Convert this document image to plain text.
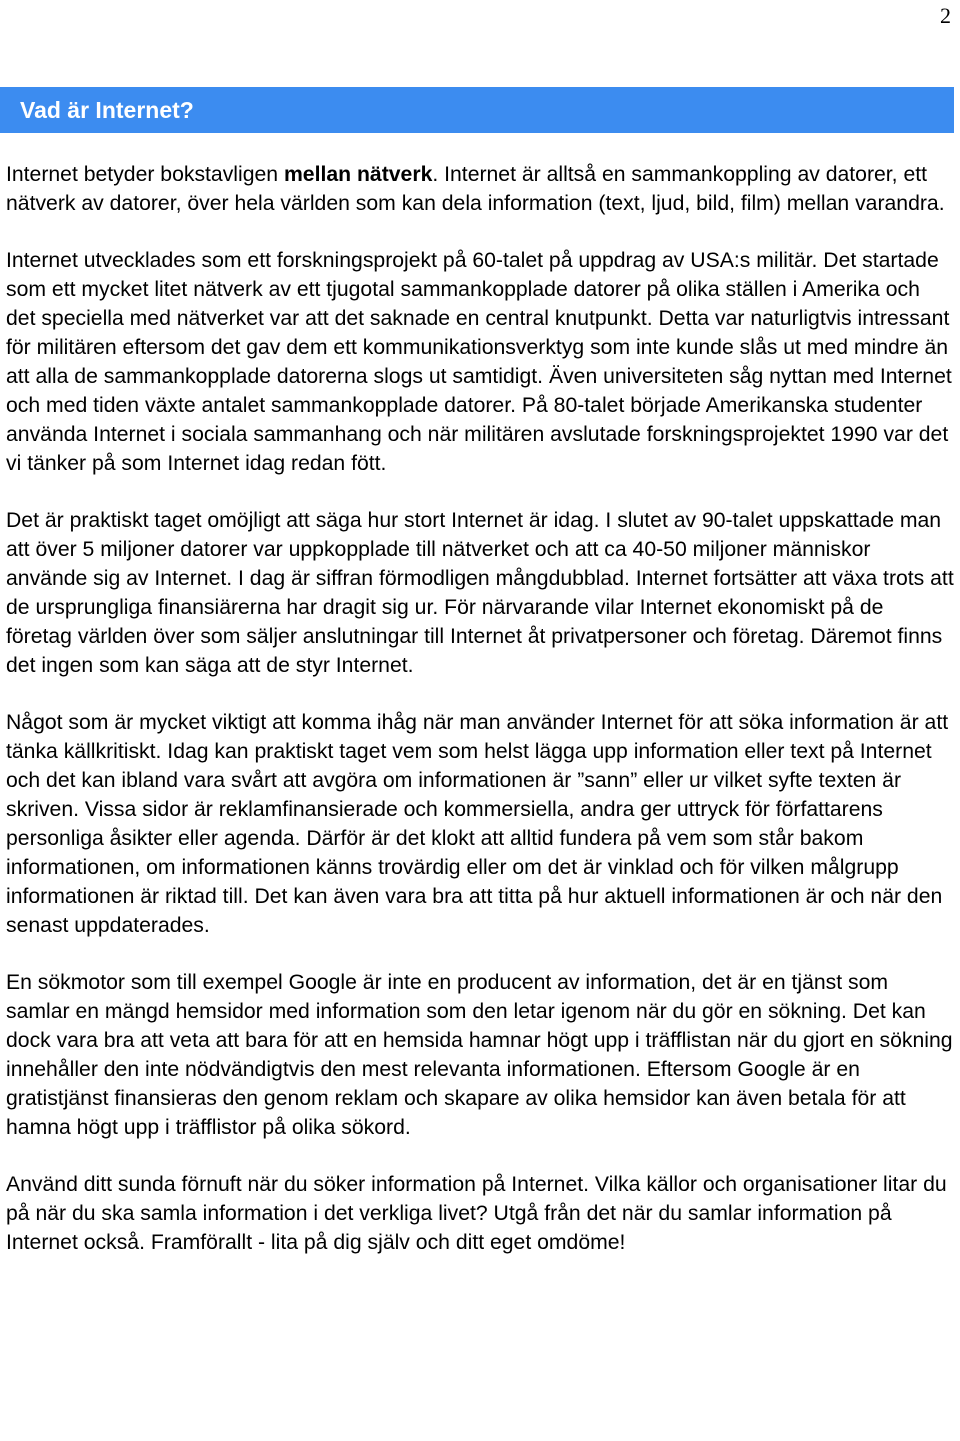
2
Vad är Internet?

Internet betyder bokstavligen mellan nätverk. Internet är alltså en sammankoppling av datorer, ett nätverk av datorer, över hela världen som kan dela information (text, ljud, bild, film) mellan varandra.

Internet utvecklades som ett forskningsprojekt på 60-talet på uppdrag av USA:s militär. Det startade som ett mycket litet nätverk av ett tjugotal sammankopplade datorer på olika ställen i Amerika och det speciella med nätverket var att det saknade en central knutpunkt. Detta var naturligtvis intressant för militären eftersom det gav dem ett kommunikationsverktyg som inte kunde slås ut med mindre än att alla de sammankopplade datorerna slogs ut samtidigt. Även universiteten såg nyttan med Internet och med tiden växte antalet sammankopplade datorer. På 80-talet började Amerikanska studenter använda Internet i sociala sammanhang och när militären avslutade forskningsprojektet 1990 var det vi tänker på som Internet idag redan fött.

Det är praktiskt taget omöjligt att säga hur stort Internet är idag. I slutet av 90-talet uppskattade man att över 5 miljoner datorer var uppkopplade till nätverket och att ca 40-50 miljoner människor använde sig av Internet. I dag är siffran förmodligen mångdubblad. Internet fortsätter att växa trots att de ursprungliga finansiärerna har dragit sig ur. För närvarande vilar Internet ekonomiskt på de företag världen över som säljer anslutningar till Internet åt privatpersoner och företag. Däremot finns det ingen som kan säga att de styr Internet.

Något som är mycket viktigt att komma ihåg när man använder Internet för att söka information är att tänka källkritiskt. Idag kan praktiskt taget vem som helst lägga upp information eller text på Internet och det kan ibland vara svårt att avgöra om informationen är ”sann” eller ur vilket syfte texten är skriven. Vissa sidor är reklamfinansierade och kommersiella, andra ger uttryck för författarens personliga åsikter eller agenda. Därför är det klokt att alltid fundera på vem som står bakom informationen, om informationen känns trovärdig eller om det är vinklad och för vilken målgrupp informationen är riktad till. Det kan även vara bra att titta på hur aktuell informationen är och när den senast uppdaterades.

En sökmotor som till exempel Google är inte en producent av information, det är en tjänst som samlar en mängd hemsidor med information som den letar igenom när du gör en sökning. Det kan dock vara bra att veta att bara för att en hemsida hamnar högt upp i träfflistan när du gjort en sökning innehåller den inte nödvändigtvis den mest relevanta informationen. Eftersom Google är en gratistjänst finansieras den genom reklam och skapare av olika hemsidor kan även betala för att hamna högt upp i träfflistor på olika sökord.

Använd ditt sunda förnuft när du söker information på Internet. Vilka källor och organisationer litar du på när du ska samla information i det verkliga livet? Utgå från det när du samlar information på Internet också. Framförallt - lita på dig själv och ditt eget omdöme!
